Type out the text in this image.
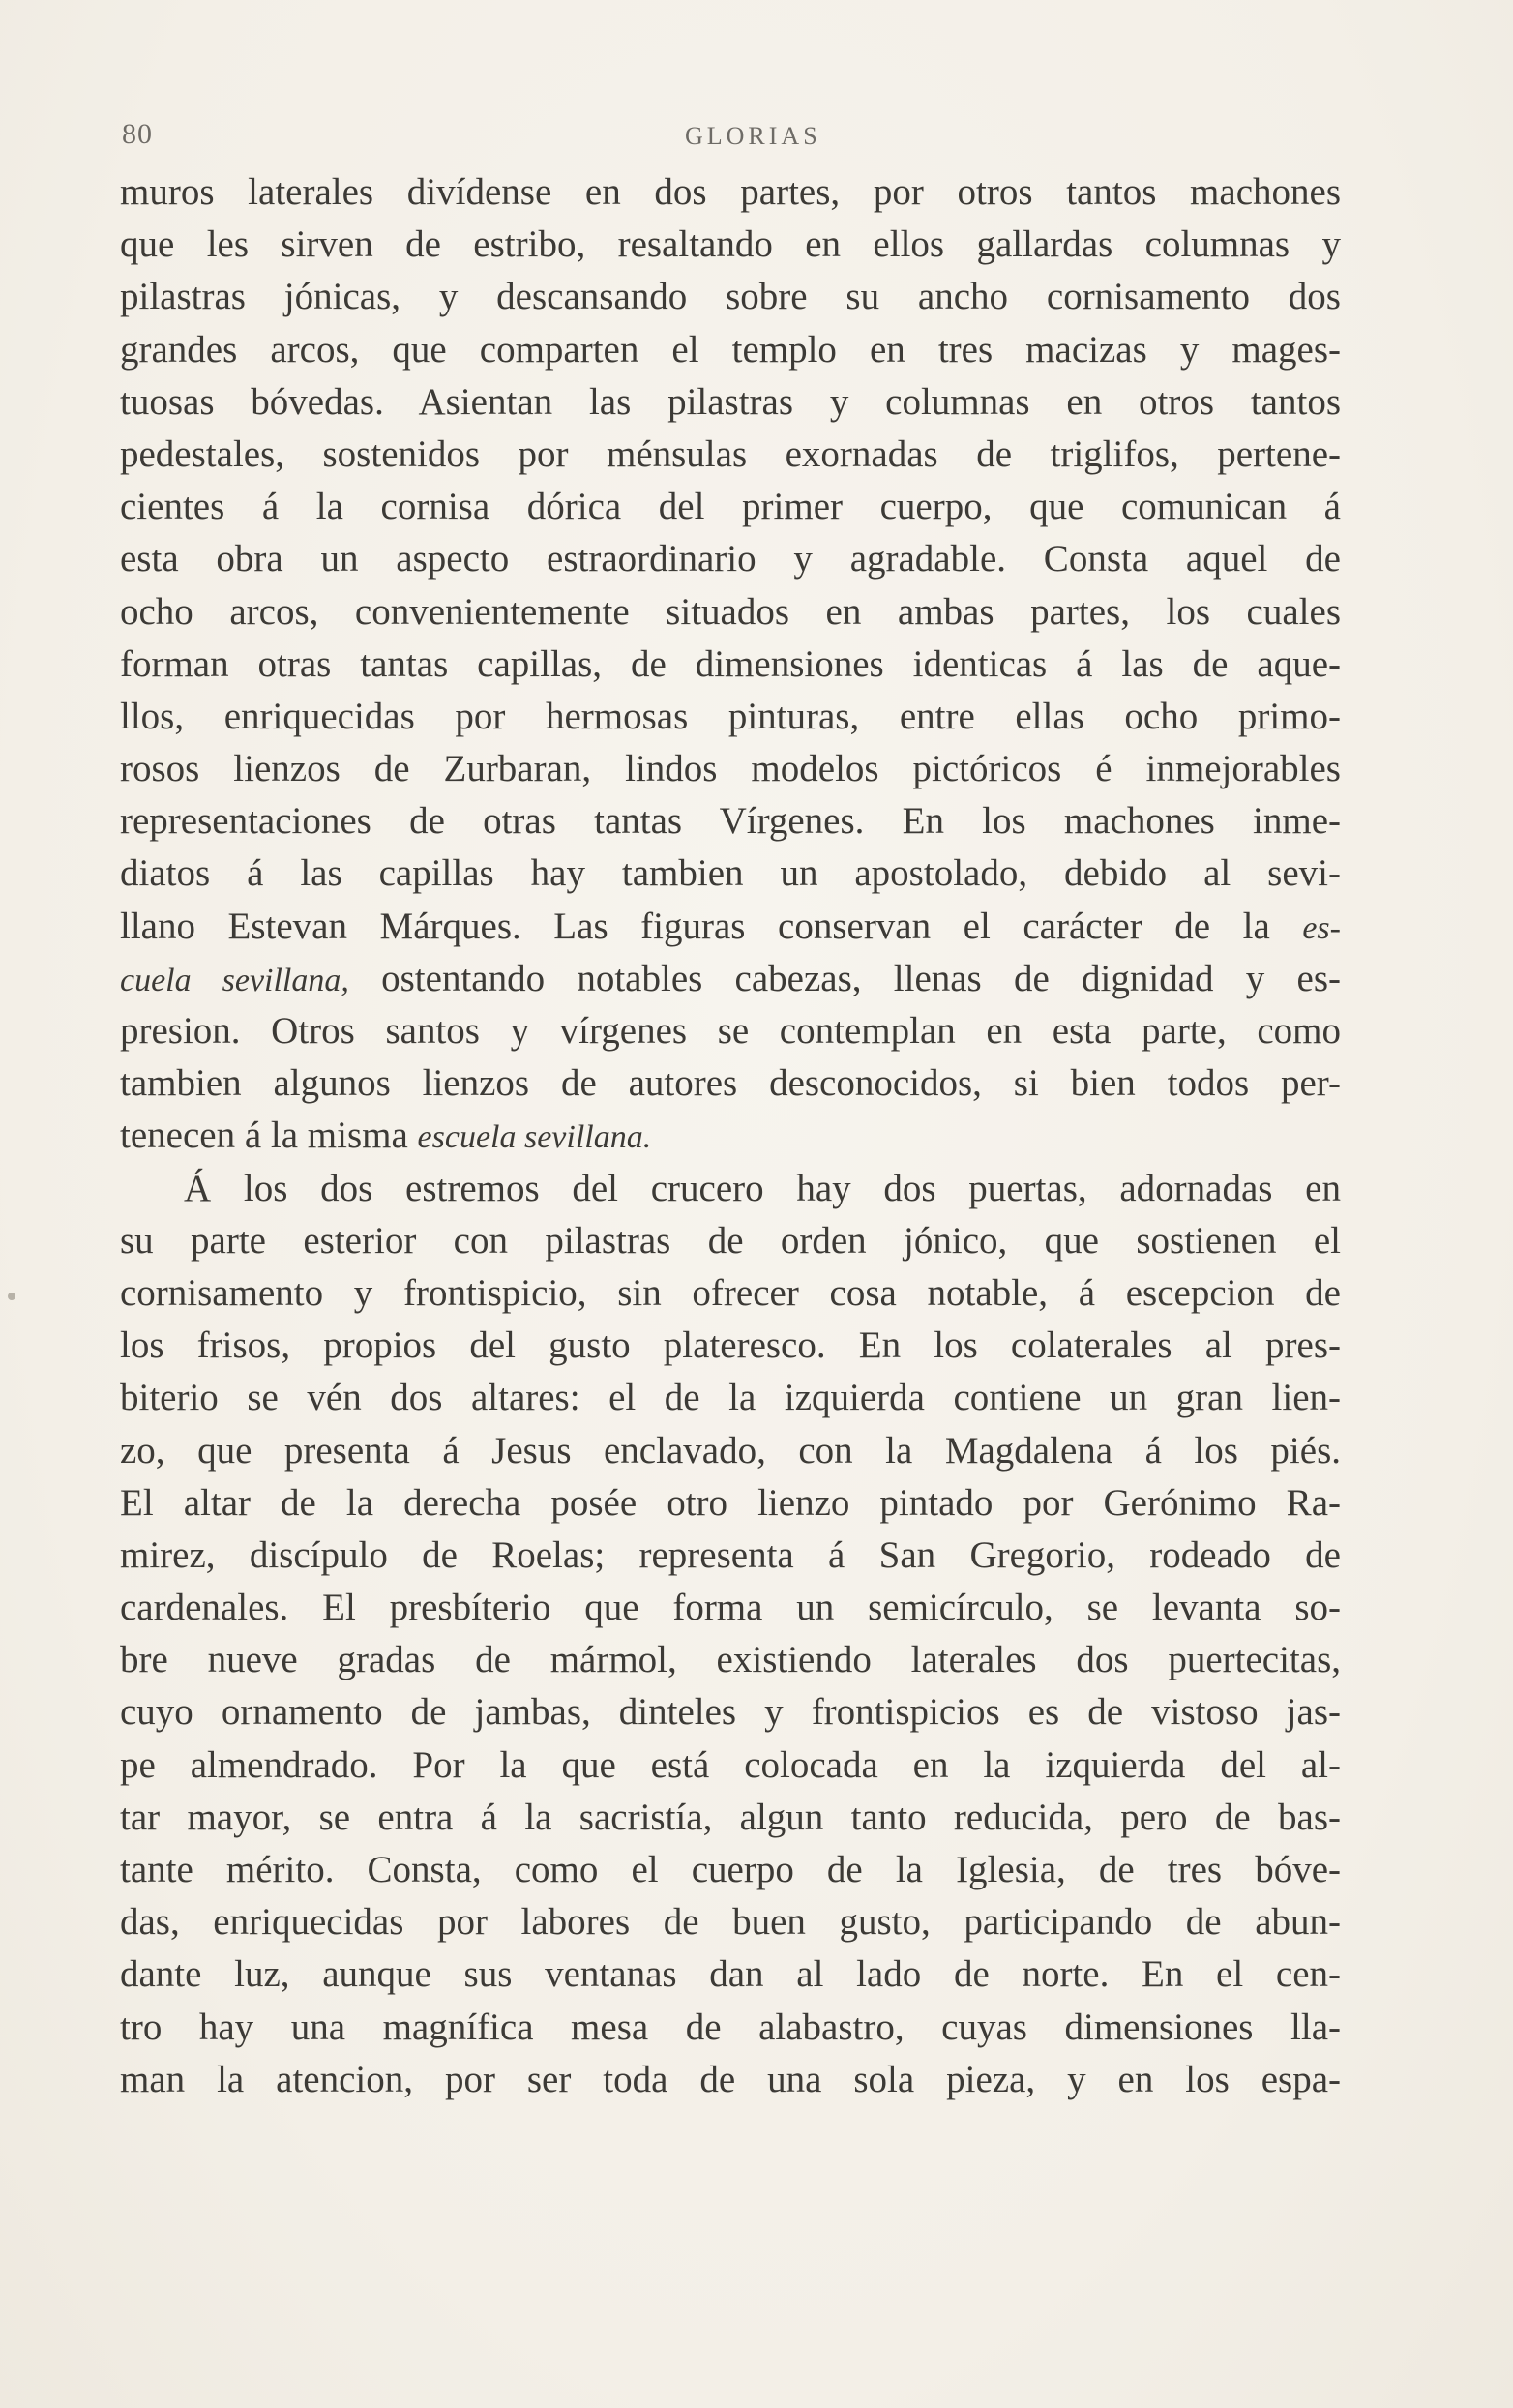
80	GLORIAS
muros laterales divídense en dos partes, por otros tantos machones
que les sirven de estribo, resaltando en ellos gallardas columnas y
pilastras jónicas, y descansando sobre su ancho cornisamento dos
grandes arcos, que comparten el templo en tres macizas y mages-
tuosas bóvedas. Asientan las pilastras y columnas en otros tantos
pedestales, sostenidos por ménsulas exornadas de triglifos, pertene-
cientes á la cornisa dórica del primer cuerpo, que comunican á
esta obra un aspecto estraordinario y agradable. Consta aquel de
ocho arcos, convenientemente situados en ambas partes, los cuales
forman otras tantas capillas, de dimensiones identicas á las de aque-
llos, enriquecidas por hermosas pinturas, entre ellas ocho primo-
rosos lienzos de Zurbaran, lindos modelos pictóricos é inmejorables
representaciones de otras tantas Vírgenes. En los machones inme-
diatos á las capillas hay tambien un apostolado, debido al sevi-
llano Estevan Márques. Las figuras conservan el carácter de la es-
cuela sevillana, ostentando notables cabezas, llenas de dignidad y es-
presion. Otros santos y vírgenes se contemplan en esta parte, como
tambien algunos lienzos de autores desconocidos, si bien todos per-
tenecen á la misma escuela sevillana.
Á los dos estremos del crucero hay dos puertas, adornadas en
su parte esterior con pilastras de orden jónico, que sostienen el
cornisamento y frontispicio, sin ofrecer cosa notable, á escepcion de
los frisos, propios del gusto plateresco. En los colaterales al pres-
biterio se vén dos altares: el de la izquierda contiene un gran lien-
zo, que presenta á Jesus enclavado, con la Magdalena á los piés.
El altar de la derecha posée otro lienzo pintado por Gerónimo Ra-
mirez, discípulo de Roelas; representa á San Gregorio, rodeado de
cardenales. El presbíterio que forma un semicírculo, se levanta so-
bre nueve gradas de mármol, existiendo laterales dos puertecitas,
cuyo ornamento de jambas, dinteles y frontispicios es de vistoso jas-
pe almendrado. Por la que está colocada en la izquierda del al-
tar mayor, se entra á la sacristía, algun tanto reducida, pero de bas-
tante mérito. Consta, como el cuerpo de la Iglesia, de tres bóve-
das, enriquecidas por labores de buen gusto, participando de abun-
dante luz, aunque sus ventanas dan al lado de norte. En el cen-
tro hay una magnífica mesa de alabastro, cuyas dimensiones lla-
man la atencion, por ser toda de una sola pieza, y en los espa-
